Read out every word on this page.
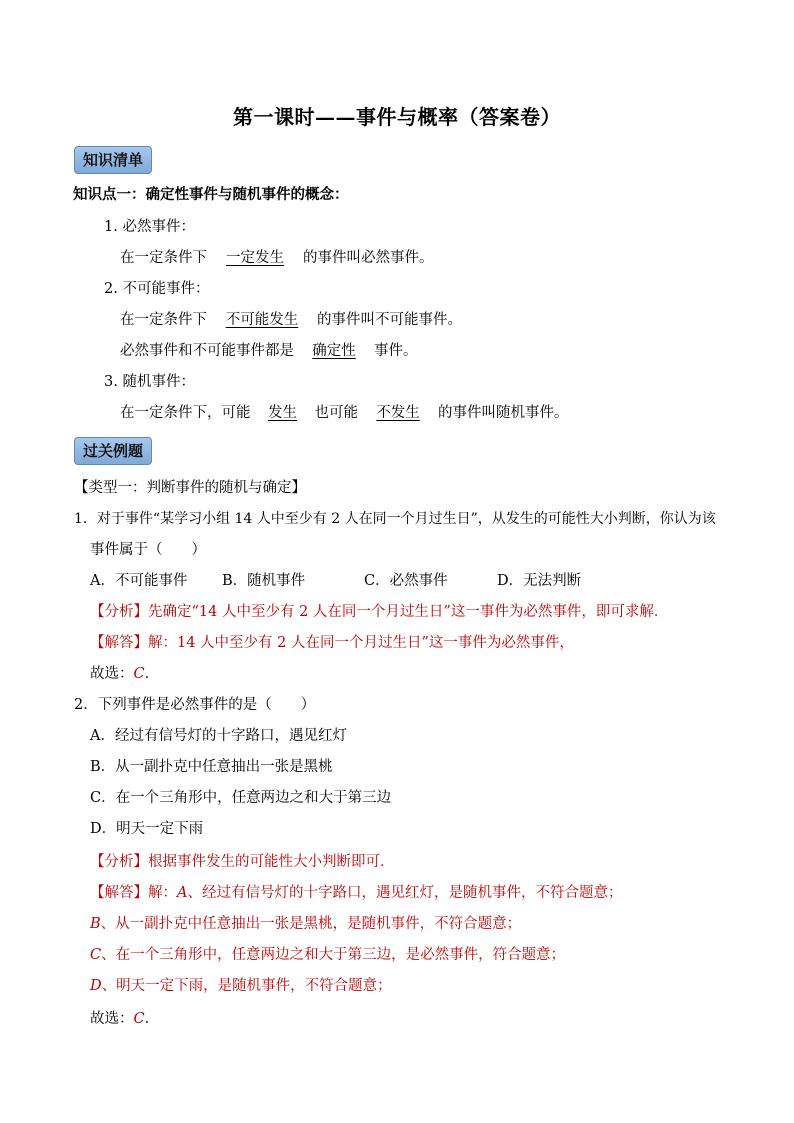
第一课时——事件与概率（答案卷）
知识清单
知识点一：确定性事件与随机事件的概念：
1. 必然事件：
在一定条件下 一定发生 的事件叫必然事件。
2. 不可能事件：
在一定条件下 不可能发生 的事件叫不可能事件。
必然事件和不可能事件都是 确定性 事件。
3. 随机事件：
在一定条件下，可能 发生 也可能 不发生 的事件叫随机事件。
过关例题
【类型一：判断事件的随机与确定】
1．对于事件“某学习小组 14 人中至少有 2 人在同一个月过生日”，从发生的可能性大小判断，你认为该
事件属于（　　）
A．不可能事件 B．随机事件	C．必然事件	D．无法判断
【分析】先确定“14 人中至少有 2 人在同一个月过生日”这一事件为必然事件，即可求解．
【解答】解：14 人中至少有 2 人在同一个月过生日”这一事件为必然事件，
故选：C．
2．下列事件是必然事件的是（　　）
A．经过有信号灯的十字路口，遇见红灯
B．从一副扑克中任意抽出一张是黑桃
C．在一个三角形中，任意两边之和大于第三边
D．明天一定下雨
【分析】根据事件发生的可能性大小判断即可．
【解答】解：A、经过有信号灯的十字路口，遇见红灯，是随机事件，不符合题意；
B、从一副扑克中任意抽出一张是黑桃，是随机事件，不符合题意；
C、在一个三角形中，任意两边之和大于第三边，是必然事件，符合题意；
D、明天一定下雨，是随机事件，不符合题意；
故选：C．
